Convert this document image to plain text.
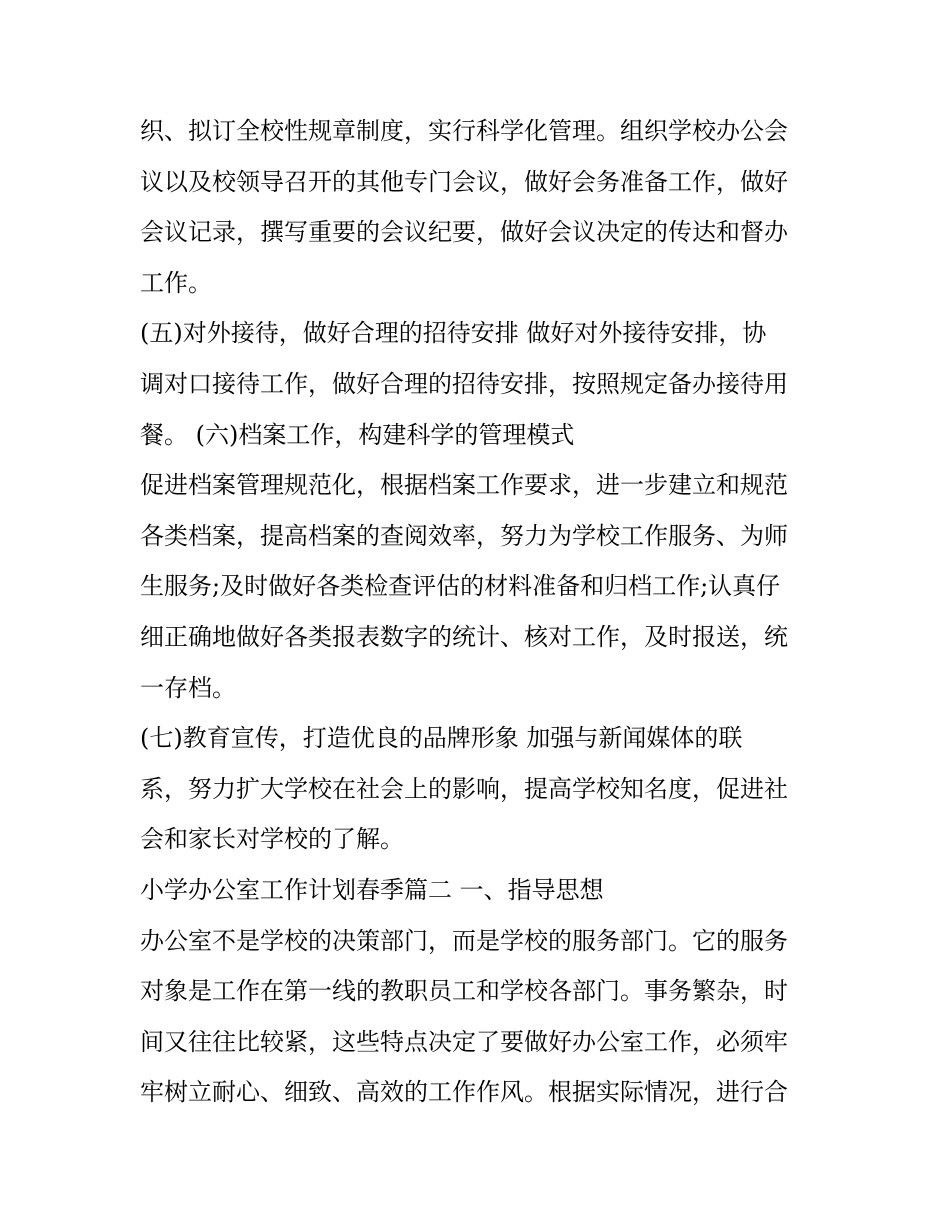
织、拟订全校性规章制度，实行科学化管理。组织学校办公会
议以及校领导召开的其他专门会议，做好会务准备工作，做好
会议记录，撰写重要的会议纪要，做好会议决定的传达和督办
工作。
(五)对外接待，做好合理的招待安排 做好对外接待安排，协
调对口接待工作，做好合理的招待安排，按照规定备办接待用
餐。 (六)档案工作，构建科学的管理模式
促进档案管理规范化，根据档案工作要求，进一步建立和规范
各类档案，提高档案的查阅效率，努力为学校工作服务、为师
生服务;及时做好各类检查评估的材料准备和归档工作;认真仔
细正确地做好各类报表数字的统计、核对工作，及时报送，统
一存档。
(七)教育宣传，打造优良的品牌形象 加强与新闻媒体的联
系，努力扩大学校在社会上的影响，提高学校知名度，促进社
会和家长对学校的了解。
小学办公室工作计划春季篇二 一、指导思想
办公室不是学校的决策部门，而是学校的服务部门。它的服务
对象是工作在第一线的教职员工和学校各部门。事务繁杂，时
间又往往比较紧，这些特点决定了要做好办公室工作，必须牢
牢树立耐心、细致、高效的工作作风。根据实际情况，进行合
